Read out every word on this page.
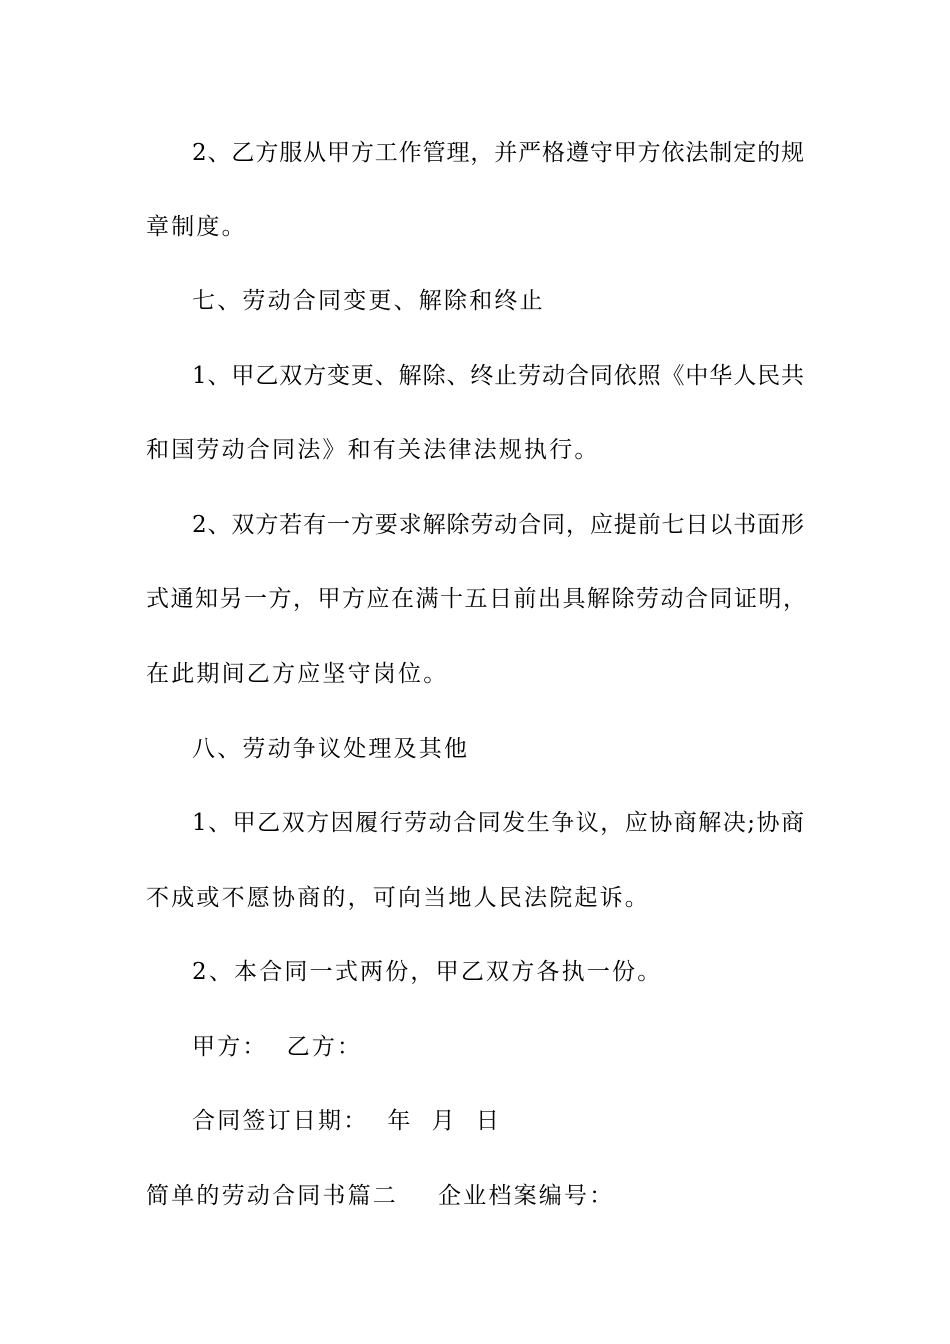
2、乙方服从甲方工作管理，并严格遵守甲方依法制定的规
章制度。
七、劳动合同变更、解除和终止
1、甲乙双方变更、解除、终止劳动合同依照《中华人民共
和国劳动合同法》和有关法律法规执行。
2、双方若有一方要求解除劳动合同，应提前七日以书面形
式通知另一方，甲方应在满十五日前出具解除劳动合同证明，
在此期间乙方应坚守岗位。
八、劳动争议处理及其他
1、甲乙双方因履行劳动合同发生争议，应协商解决;协商
不成或不愿协商的，可向当地人民法院起诉。
2、本合同一式两份，甲乙双方各执一份。
甲方：  乙方：
合同签订日期：  年  月  日
简单的劳动合同书篇二 企业档案编号：
